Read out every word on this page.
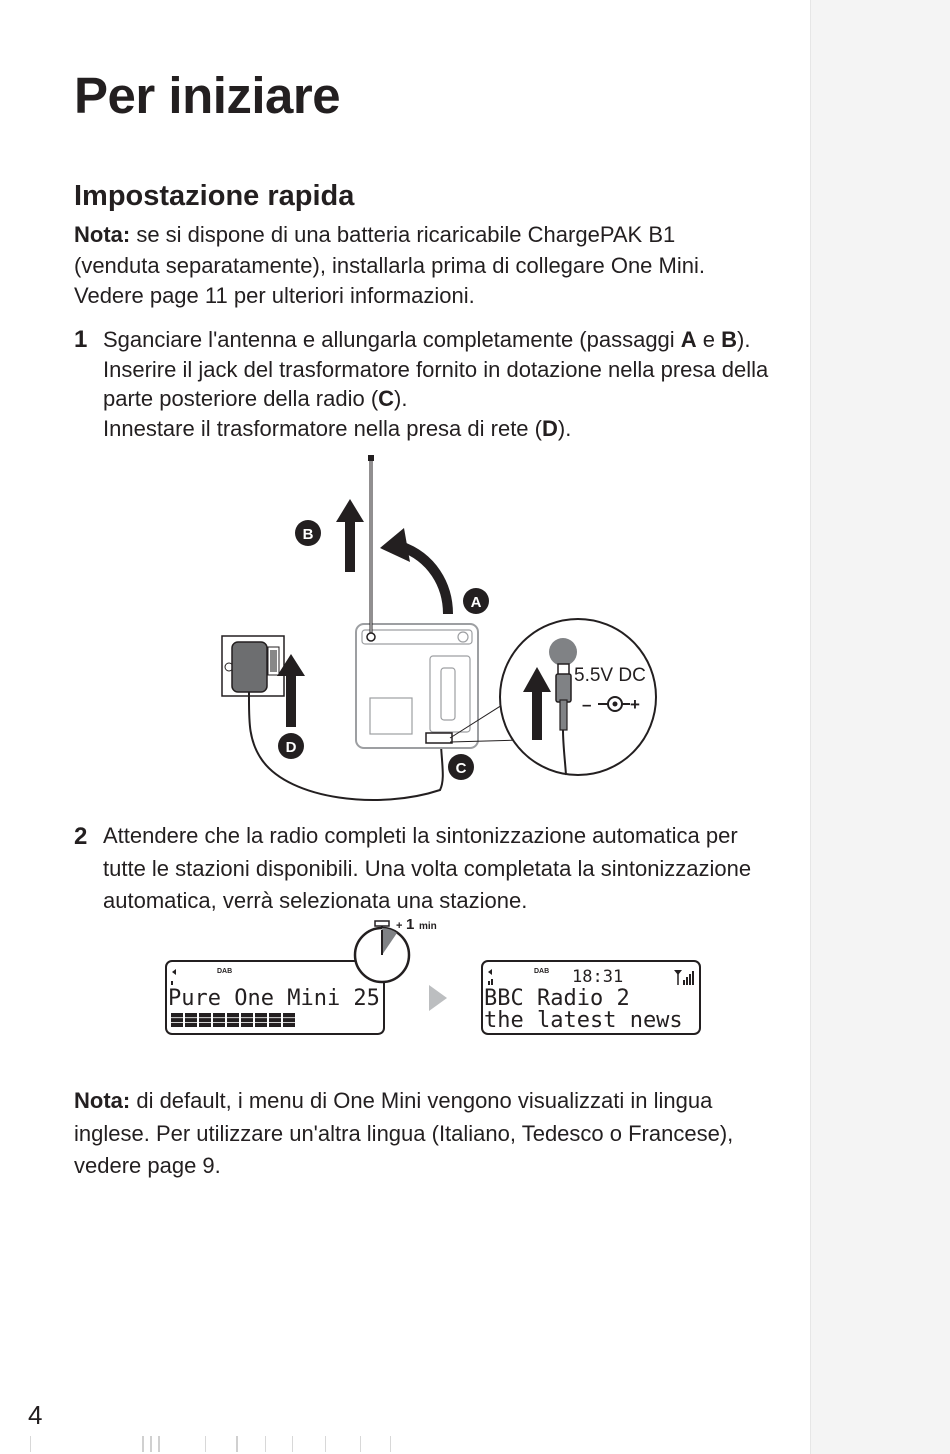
Per iniziare
Impostazione rapida

Nota: se si dispone di una batteria ricaricabile ChargePAK B1
(venduta separatamente), installarla prima di collegare One Mini.
Vedere page 11 per ulteriori informazioni.

1 Sganciare l'antenna e allungarla completamente (passaggi A e B).
Inserire il jack del trasformatore fornito in dotazione nella presa della
parte posteriore della radio (C).
Innestare il trasformatore nella presa di rete (D).

5.5V DC
– +
B
A
D
C
2 Attendere che la radio completi la sintonizzazione automatica per
tutte le stazioni disponibili. Una volta completata la sintonizzazione
automatica, verrà selezionata una stazione.

DAB
Pure One Mini 25
+ 1 min
DAB 18:31
BBC Radio 2
the latest news

Nota: di default, i menu di One Mini vengono visualizzati in lingua
inglese. Per utilizzare un'altra lingua (Italiano, Tedesco o Francese),
vedere page 9.

4
